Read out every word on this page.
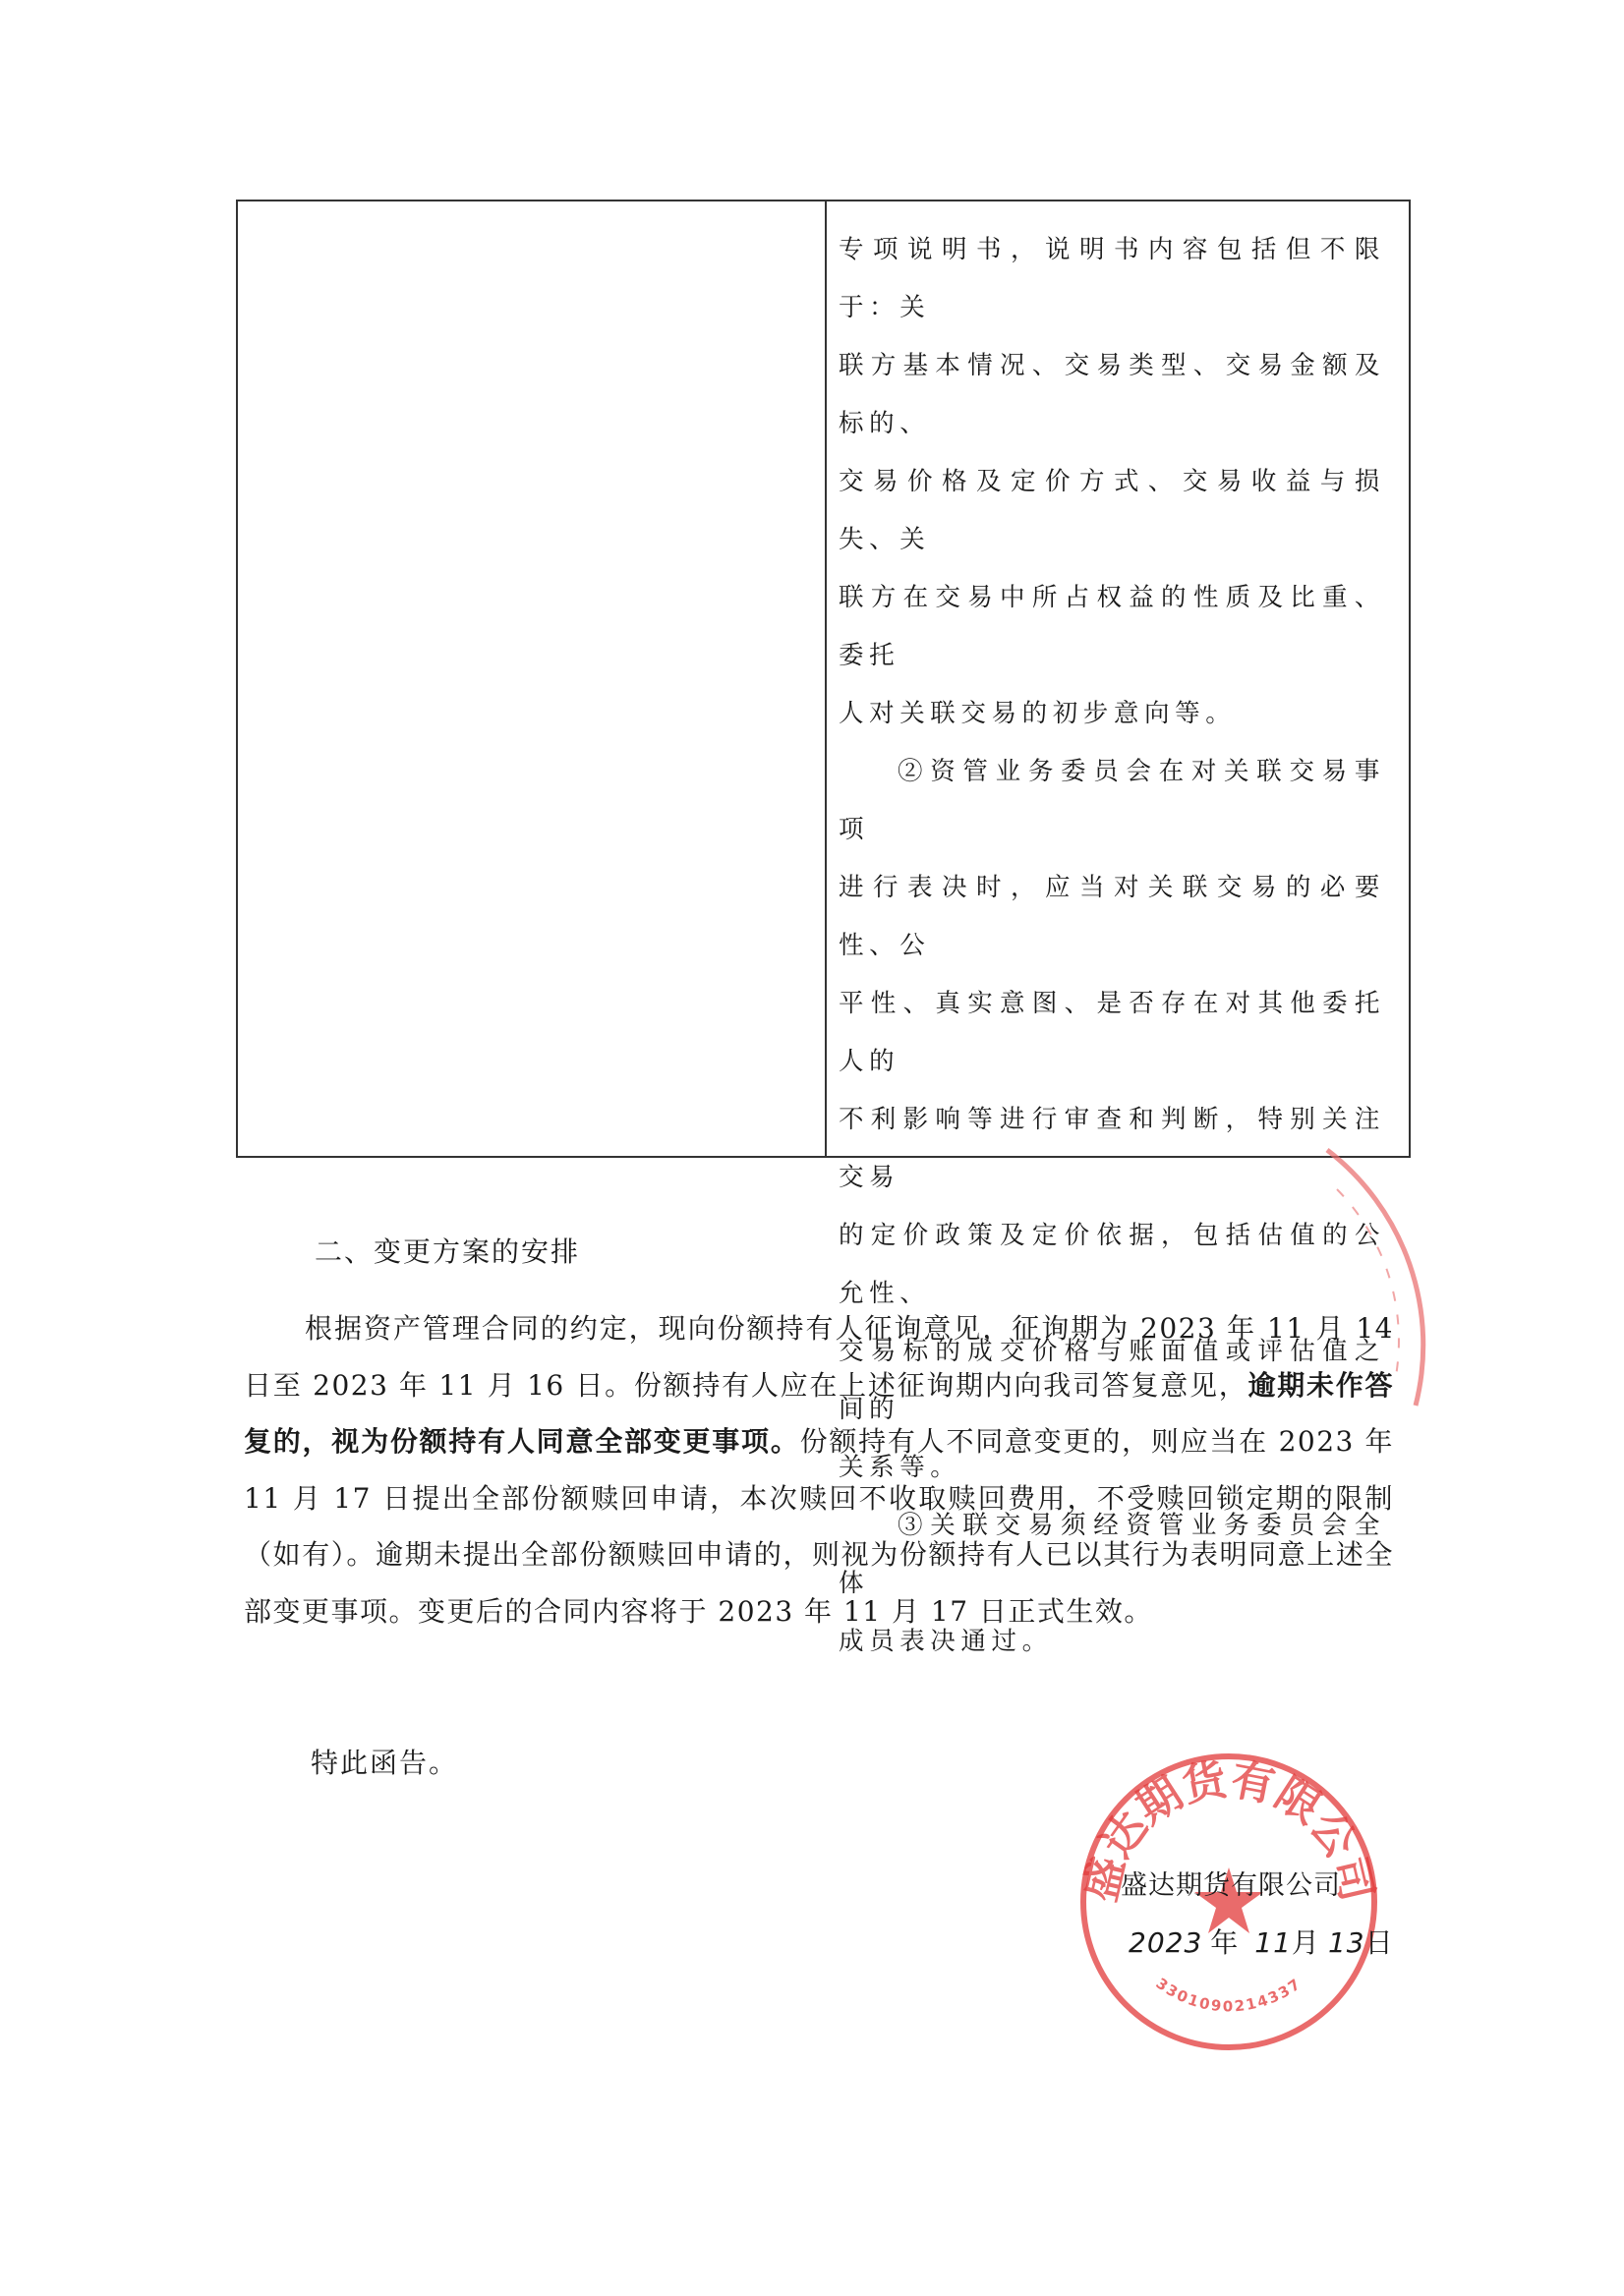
专项说明书，说明书内容包括但不限于：关

联方基本情况、交易类型、交易金额及标的、

交易价格及定价方式、交易收益与损失、关

联方在交易中所占权益的性质及比重、委托

人对关联交易的初步意向等。

②资管业务委员会在对关联交易事项

进行表决时，应当对关联交易的必要性、公

平性、真实意图、是否存在对其他委托人的

不利影响等进行审查和判断，特别关注交易

的定价政策及定价依据，包括估值的公允性、

交易标的成交价格与账面值或评估值之间的

关系等。

③关联交易须经资管业务委员会全体

成员表决通过。

二、变更方案的安排

根据资产管理合同的约定，现向份额持有人征询意见，征询期为 2023 年 11 月 14 日至 2023 年 11 月 16 日。份额持有人应在上述征询期内向我司答复意见，逾期未作答复的，视为份额持有人同意全部变更事项。份额持有人不同意变更的，则应当在 2023 年 11 月 17 日提出全部份额赎回申请，本次赎回不收取赎回费用，不受赎回锁定期的限制（如有）。逾期未提出全部份额赎回申请的，则视为份额持有人已以其行为表明同意上述全部变更事项。变更后的合同内容将于 2023 年 11 月 17 日正式生效。

特此函告。

盛达期货有限公司
3301090214337

盛达期货有限公司

2023 年 11月 13日
